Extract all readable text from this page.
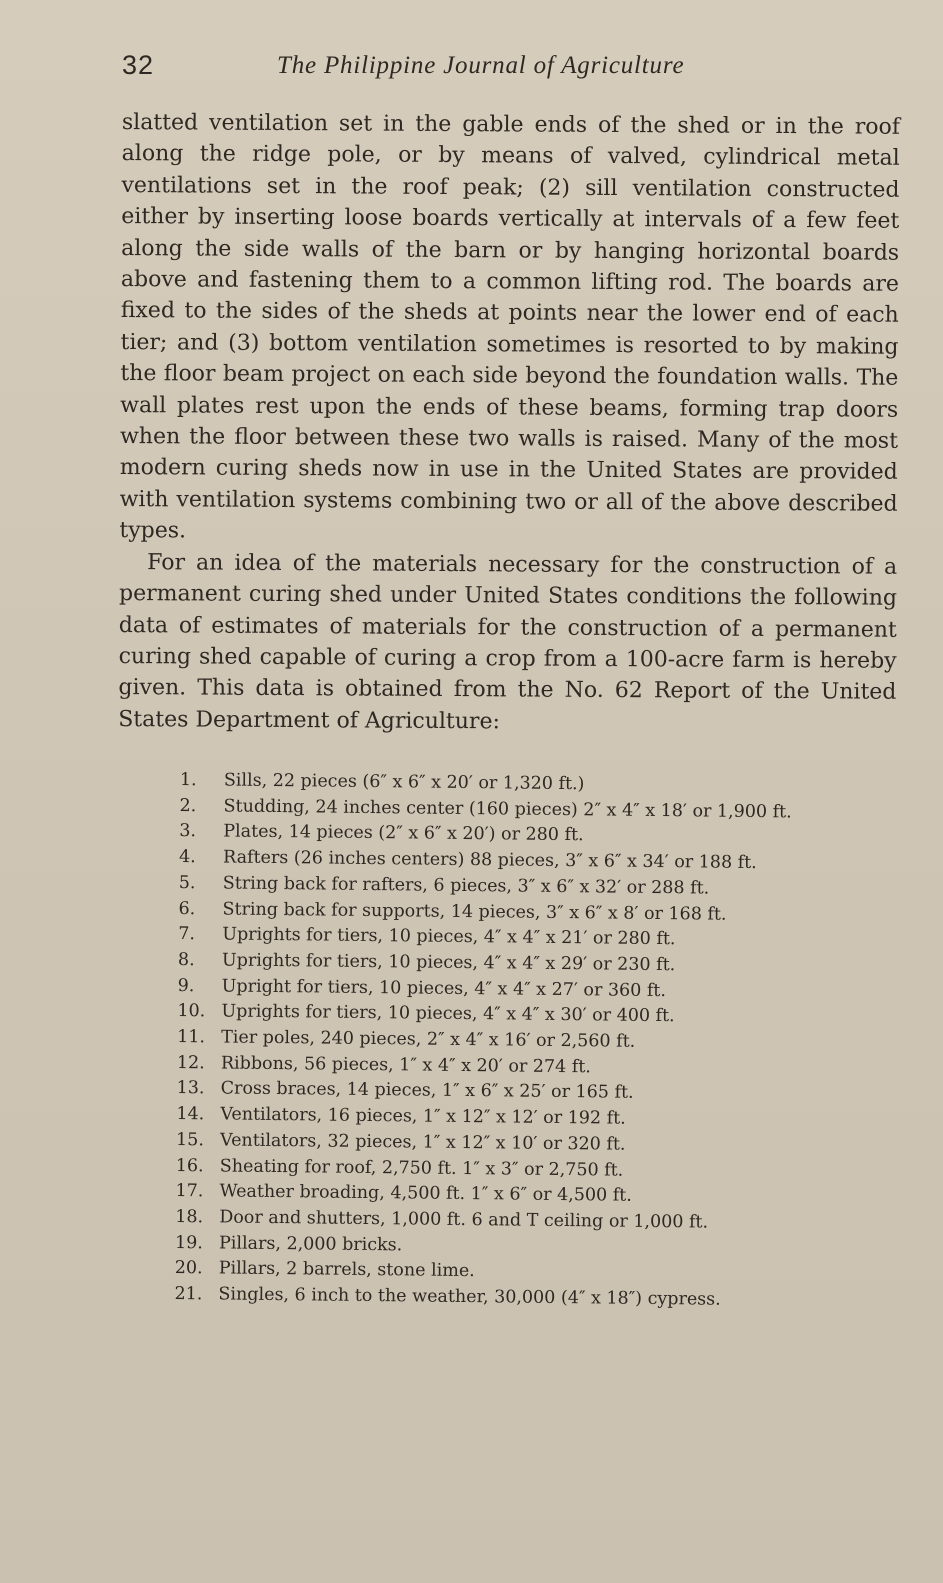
32	The Philippine Journal of Agriculture

slatted ventilation set in the gable ends of the shed or in the roof along the ridge pole, or by means of valved, cylindrical metal ventilations set in the roof peak; (2) sill ventilation constructed either by inserting loose boards vertically at intervals of a few feet along the side walls of the barn or by hanging horizontal boards above and fastening them to a common lifting rod. The boards are fixed to the sides of the sheds at points near the lower end of each tier; and (3) bottom ventilation sometimes is resorted to by making the floor beam project on each side beyond the foundation walls. The wall plates rest upon the ends of these beams, forming trap doors when the floor between these two walls is raised. Many of the most modern curing sheds now in use in the United States are provided with ventilation systems combining two or all of the above described types.

For an idea of the materials necessary for the construction of a permanent curing shed under United States conditions the following data of estimates of materials for the construction of a permanent curing shed capable of curing a crop from a 100-acre farm is hereby given. This data is obtained from the No. 62 Report of the United States Department of Agriculture:

1.	Sills, 22 pieces (6″ x 6″ x 20′ or 1,320 ft.)
2.	Studding, 24 inches center (160 pieces) 2″ x 4″ x 18′ or 1,900 ft.
3.	Plates, 14 pieces (2″ x 6″ x 20′) or 280 ft.
4.	Rafters (26 inches centers) 88 pieces, 3″ x 6″ x 34′ or 188 ft.
5.	String back for rafters, 6 pieces, 3″ x 6″ x 32′ or 288 ft.
6.	String back for supports, 14 pieces, 3″ x 6″ x 8′ or 168 ft.
7.	Uprights for tiers, 10 pieces, 4″ x 4″ x 21′ or 280 ft.
8.	Uprights for tiers, 10 pieces, 4″ x 4″ x 29′ or 230 ft.
9.	Upright for tiers, 10 pieces, 4″ x 4″ x 27′ or 360 ft.
10. Uprights for tiers, 10 pieces, 4″ x 4″ x 30′ or 400 ft.
11. Tier poles, 240 pieces, 2″ x 4″ x 16′ or 2,560 ft.
12. Ribbons, 56 pieces, 1″ x 4″ x 20′ or 274 ft.
13. Cross braces, 14 pieces, 1″ x 6″ x 25′ or 165 ft.
14. Ventilators, 16 pieces, 1″ x 12″ x 12′ or 192 ft.
15. Ventilators, 32 pieces, 1″ x 12″ x 10′ or 320 ft.
16. Sheating for roof, 2,750 ft. 1″ x 3″ or 2,750 ft.
17. Weather broading, 4,500 ft. 1″ x 6″ or 4,500 ft.
18. Door and shutters, 1,000 ft. 6 and T ceiling or 1,000 ft.
19. Pillars, 2,000 bricks.
20. Pillars, 2 barrels, stone lime.
21. Singles, 6 inch to the weather, 30,000 (4″ x 18″) cypress.
